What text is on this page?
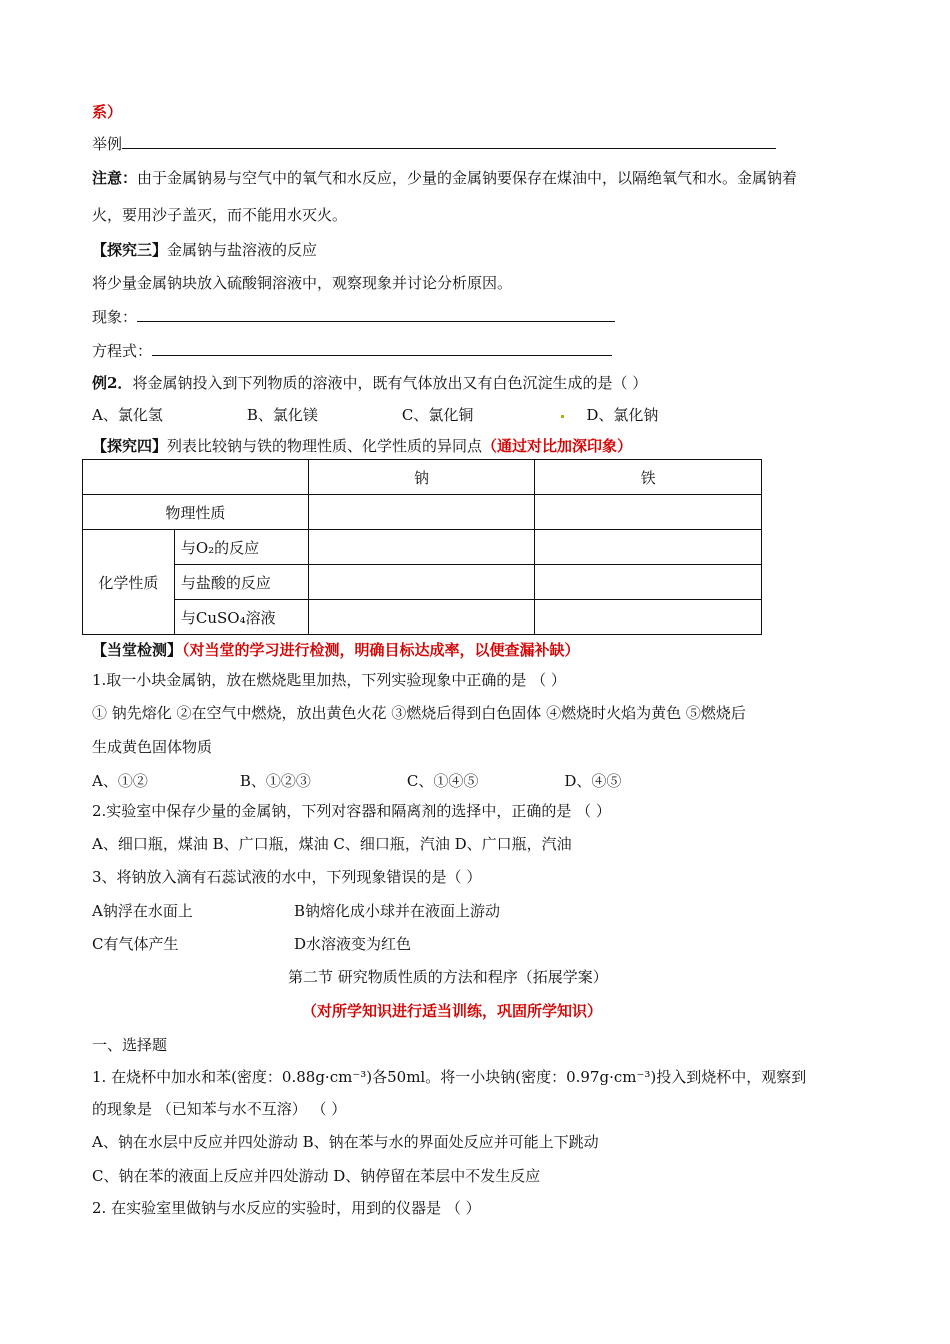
系）
举例
注意：由于金属钠易与空气中的氧气和水反应，少量的金属钠要保存在煤油中，以隔绝氧气和水。金属钠着
火，要用沙子盖灭，而不能用水灭火。
【探究三】金属钠与盐溶液的反应
将少量金属钠块放入硫酸铜溶液中，观察现象并讨论分析原因。
现象：
方程式：
例2．将金属钠投入到下列物质的溶液中，既有气体放出又有白色沉淀生成的是（ ）
A、氯化氢	B、氯化镁	C、氯化铜	D、氯化钠
【探究四】列表比较钠与铁的物理性质、化学性质的异同点（通过对比加深印象）
		钠	铁
物理性质			
化学性质	与O₂的反应		
	与盐酸的反应		
	与CuSO₄溶液		
【当堂检测】（对当堂的学习进行检测，明确目标达成率，以便查漏补缺）
1.取一小块金属钠，放在燃烧匙里加热，下列实验现象中正确的是 （ ）
① 钠先熔化 ②在空气中燃烧，放出黄色火花 ③燃烧后得到白色固体 ④燃烧时火焰为黄色 ⑤燃烧后
生成黄色固体物质
A、①②	B、①②③	C、①④⑤	D、④⑤
2.实验室中保存少量的金属钠，下列对容器和隔离剂的选择中，正确的是 （ ）
A、细口瓶，煤油 B、广口瓶，煤油 C、细口瓶，汽油 D、广口瓶，汽油
3、将钠放入滴有石蕊试液的水中，下列现象错误的是（ ）
A钠浮在水面上	B钠熔化成小球并在液面上游动
C有气体产生	D水溶液变为红色
第二节 研究物质性质的方法和程序（拓展学案）
（对所学知识进行适当训练，巩固所学知识）
一、选择题
1. 在烧杯中加水和苯(密度：0.88g·cm⁻³)各50ml。将一小块钠(密度：0.97g·cm⁻³)投入到烧杯中，观察到
的现象是 （已知苯与水不互溶） （ ）
A、钠在水层中反应并四处游动 B、钠在苯与水的界面处反应并可能上下跳动
C、钠在苯的液面上反应并四处游动 D、钠停留在苯层中不发生反应
2. 在实验室里做钠与水反应的实验时，用到的仪器是 （ ）
